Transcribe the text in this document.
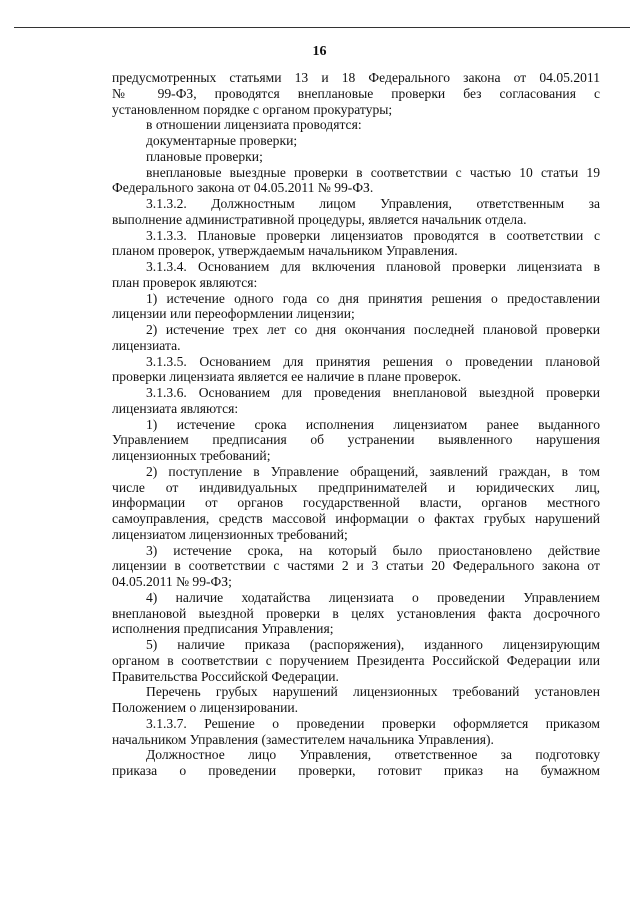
16

предусмотренных статьями 13 и 18 Федерального закона от 04.05.2011
№ 99-ФЗ, проводятся внеплановые проверки без согласования с
установленном порядке с органом прокуратуры;

в отношении лицензиата проводятся:

документарные проверки;

плановые проверки;

внеплановые выездные проверки в соответствии с частью 10 статьи 19
Федерального закона от 04.05.2011 № 99-ФЗ.

3.1.3.2. Должностным лицом Управления, ответственным за
выполнение административной процедуры, является начальник отдела.

3.1.3.3. Плановые проверки лицензиатов проводятся в соответствии с
планом проверок, утверждаемым начальником Управления.

3.1.3.4. Основанием для включения плановой проверки лицензиата в
план проверок являются:

1) истечение одного года со дня принятия решения о предоставлении
лицензии или переоформлении лицензии;

2) истечение трех лет со дня окончания последней плановой проверки
лицензиата.

3.1.3.5. Основанием для принятия решения о проведении плановой
проверки лицензиата является ее наличие в плане проверок.

3.1.3.6. Основанием для проведения внеплановой выездной проверки
лицензиата являются:

1) истечение срока исполнения лицензиатом ранее выданного
Управлением предписания об устранении выявленного нарушения
лицензионных требований;

2) поступление в Управление обращений, заявлений граждан, в том
числе от индивидуальных предпринимателей и юридических лиц,
информации от органов государственной власти, органов местного
самоуправления, средств массовой информации о фактах грубых нарушений
лицензиатом лицензионных требований;

3) истечение срока, на который было приостановлено действие
лицензии в соответствии с частями 2 и 3 статьи 20 Федерального закона от
04.05.2011 № 99-ФЗ;

4) наличие ходатайства лицензиата о проведении Управлением
внеплановой выездной проверки в целях установления факта досрочного
исполнения предписания Управления;

5) наличие приказа (распоряжения), изданного лицензирующим
органом в соответствии с поручением Президента Российской Федерации или
Правительства Российской Федерации.

Перечень грубых нарушений лицензионных требований установлен
Положением о лицензировании.

3.1.3.7. Решение о проведении проверки оформляется приказом
начальником Управления (заместителем начальника Управления).

Должностное лицо Управления, ответственное за подготовку
приказа о проведении проверки, готовит приказ на бумажном
